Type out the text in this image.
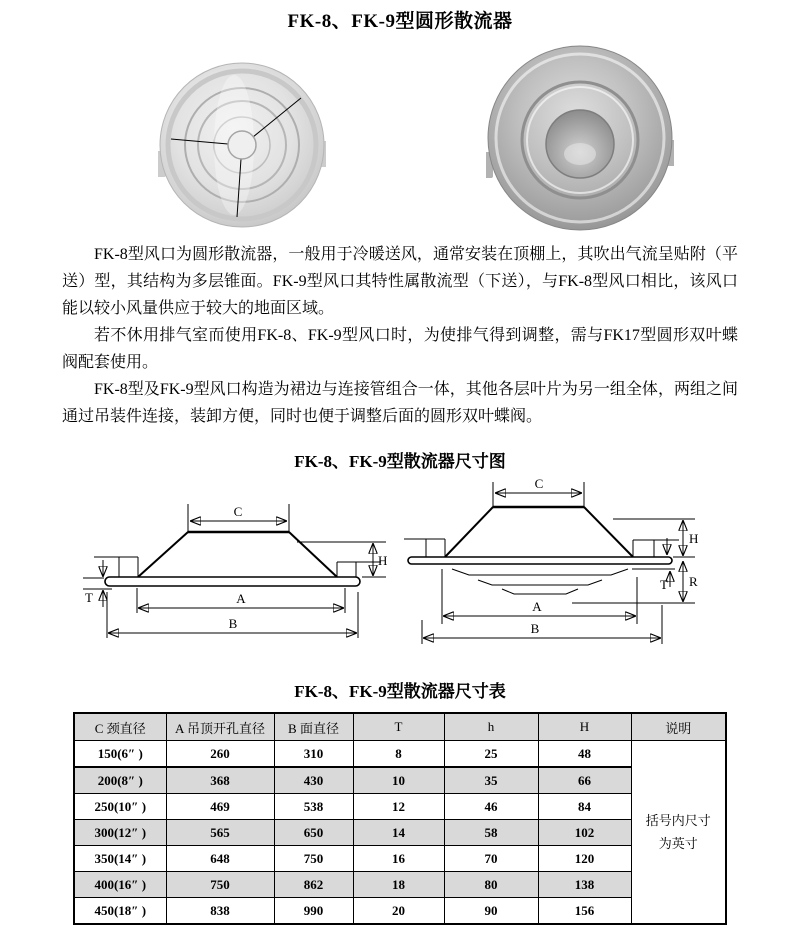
FK-8、FK-9型圆形散流器

FK-8型风口为圆形散流器，一般用于冷暖送风，通常安装在顶棚上，其吹出气流呈贴附（平送）型，其结构为多层锥面。FK-9型风口其特性属散流型（下送），与FK-8型风口相比，该风口能以较小风量供应于较大的地面区域。

若不休用排气室而使用FK-8、FK-9型风口时，为使排气得到调整，需与FK17型圆形双叶蝶阀配套使用。

FK-8型及FK-9型风口构造为裙边与连接管组合一体，其他各层叶片为另一组全体，两组之间通过吊装件连接，装卸方便，同时也便于调整后面的圆形双叶蝶阀。

FK-8、FK-9型散流器尺寸图
C
T
H
A
B
C
T
H
R
A
B
FK-8、FK-9型散流器尺寸表
C 颈直径	A 吊顶开孔直径	B 面直径	T	h	H	说明
150(6″ )	260	310	8	25	48	括号内尺寸为英寸
200(8″ )	368	430	10	35	66	
250(10″ )	469	538	12	46	84	
300(12″ )	565	650	14	58	102	
350(14″ )	648	750	16	70	120	
400(16″ )	750	862	18	80	138	
450(18″ )	838	990	20	90	156	
